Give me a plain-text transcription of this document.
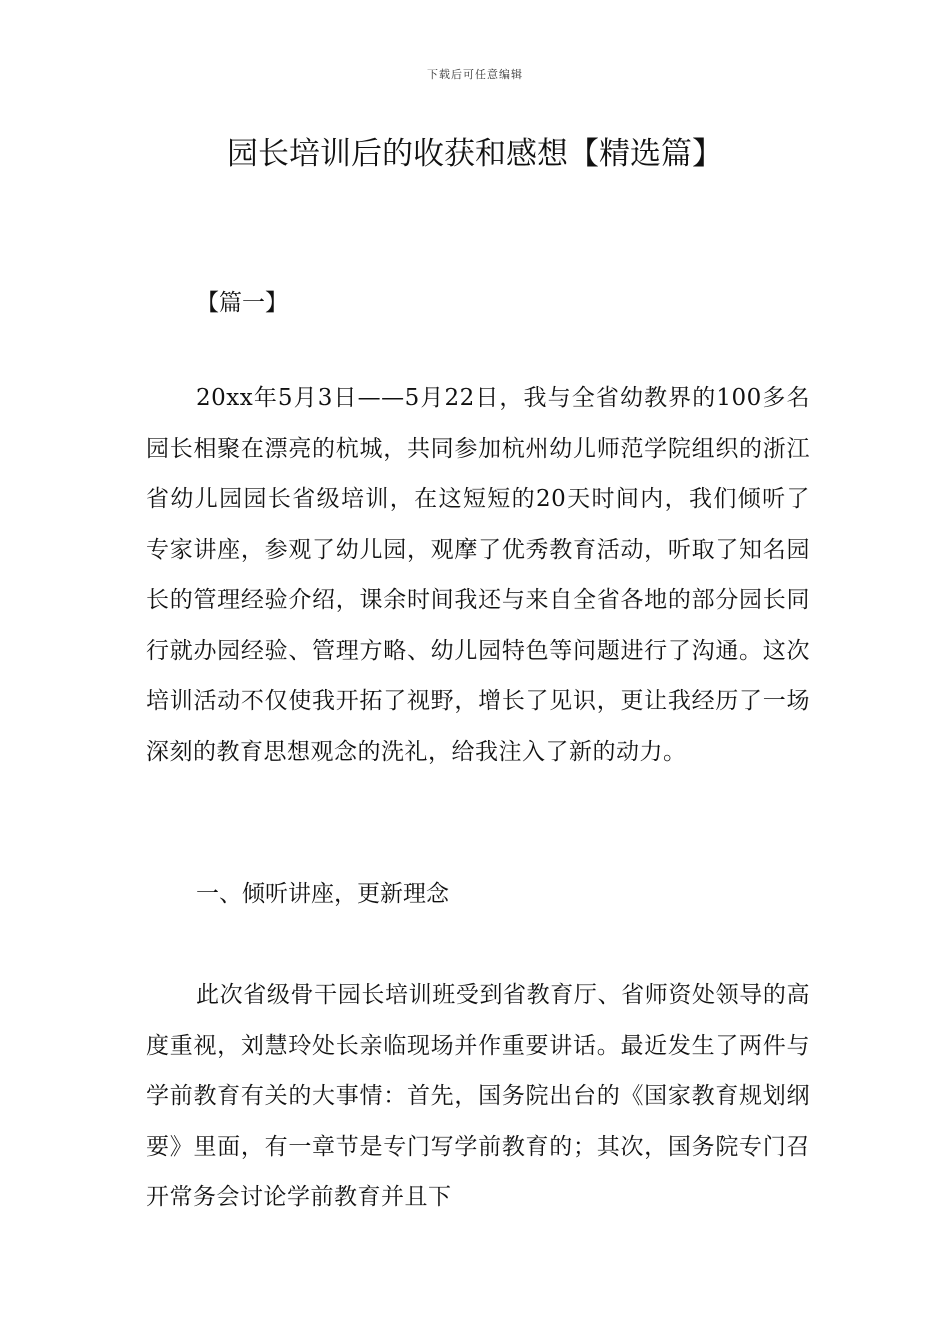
下载后可任意编辑
园长培训后的收获和感想【精选篇】

【篇一】

20xx年5月3日——5月22日，我与全省幼教界的100多名园长相聚在漂亮的杭城，共同参加杭州幼儿师范学院组织的浙江省幼儿园园长省级培训，在这短短的20天时间内，我们倾听了专家讲座，参观了幼儿园，观摩了优秀教育活动，听取了知名园长的管理经验介绍，课余时间我还与来自全省各地的部分园长同行就办园经验、管理方略、幼儿园特色等问题进行了沟通。这次培训活动不仅使我开拓了视野，增长了见识，更让我经历了一场深刻的教育思想观念的洗礼，给我注入了新的动力。

一、倾听讲座，更新理念

此次省级骨干园长培训班受到省教育厅、省师资处领导的高度重视，刘慧玲处长亲临现场并作重要讲话。最近发生了两件与学前教育有关的大事情：首先，国务院出台的《国家教育规划纲要》里面，有一章节是专门写学前教育的；其次，国务院专门召开常务会讨论学前教育并且下
